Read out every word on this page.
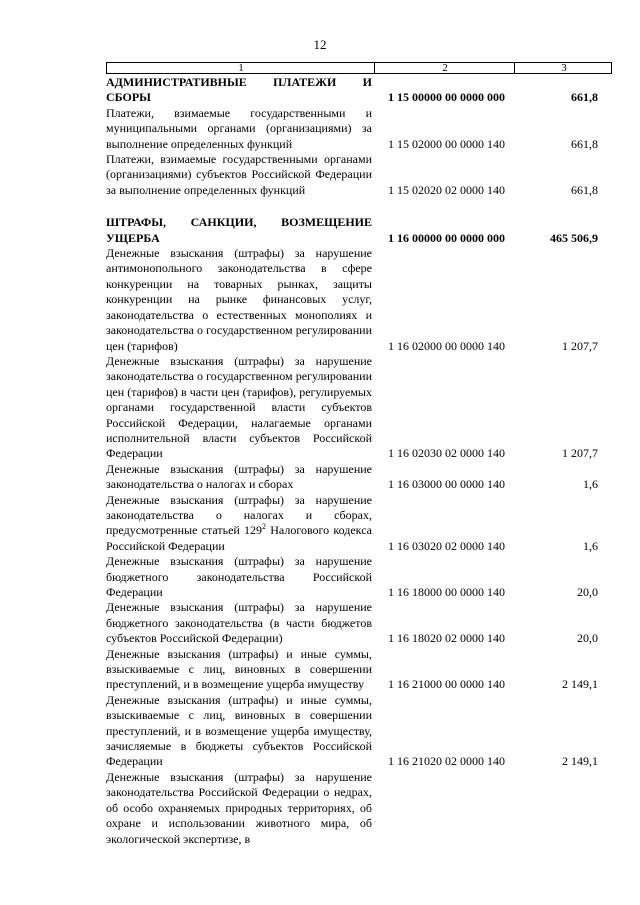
12
1	2	3
АДМИНИСТРАТИВНЫЕ ПЛАТЕЖИ И СБОРЫ	1 15 00000 00 0000 000	661,8
Платежи, взимаемые государственными и муниципальными органами (организациями) за выполнение определенных функций	1 15 02000 00 0000 140	661,8
Платежи, взимаемые государственными органами (организациями) субъектов Российской Федерации за выполнение определенных функций	1 15 02020 02 0000 140	661,8
ШТРАФЫ, САНКЦИИ, ВОЗМЕЩЕНИЕ УЩЕРБА	1 16 00000 00 0000 000	465 506,9
Денежные взыскания (штрафы) за нарушение антимонопольного законодательства в сфере конкуренции на товарных рынках, защиты конкуренции на рынке финансовых услуг, законодательства о естественных монополиях и законодательства о государственном регулировании цен (тарифов)	1 16 02000 00 0000 140	1 207,7
Денежные взыскания (штрафы) за нарушение законодательства о государственном регулировании цен (тарифов) в части цен (тарифов), регулируемых органами государственной власти субъектов Российской Федерации, налагаемые органами исполнительной власти субъектов Российской Федерации	1 16 02030 02 0000 140	1 207,7
Денежные взыскания (штрафы) за нарушение законодательства о налогах и сборах	1 16 03000 00 0000 140	1,6
Денежные взыскания (штрафы) за нарушение законодательства о налогах и сборах, предусмотренные статьей $129^2$ Налогового кодекса Российской Федерации	1 16 03020 02 0000 140	1,6
Денежные взыскания (штрафы) за нарушение бюджетного законодательства Российской Федерации	1 16 18000 00 0000 140	20,0
Денежные взыскания (штрафы) за нарушение бюджетного законодательства (в части бюджетов субъектов Российской Федерации)	1 16 18020 02 0000 140	20,0
Денежные взыскания (штрафы) и иные суммы, взыскиваемые с лиц, виновных в совершении преступлений, и в возмещение ущерба имуществу	1 16 21000 00 0000 140	2 149,1
Денежные взыскания (штрафы) и иные суммы, взыскиваемые с лиц, виновных в совершении преступлений, и в возмещение ущерба имуществу, зачисляемые в бюджеты субъектов Российской Федерации	1 16 21020 02 0000 140	2 149,1
Денежные взыскания (штрафы) за нарушение законодательства Российской Федерации о недрах, об особо охраняемых природных территориях, об охране и использовании животного мира, об экологической экспертизе, в
